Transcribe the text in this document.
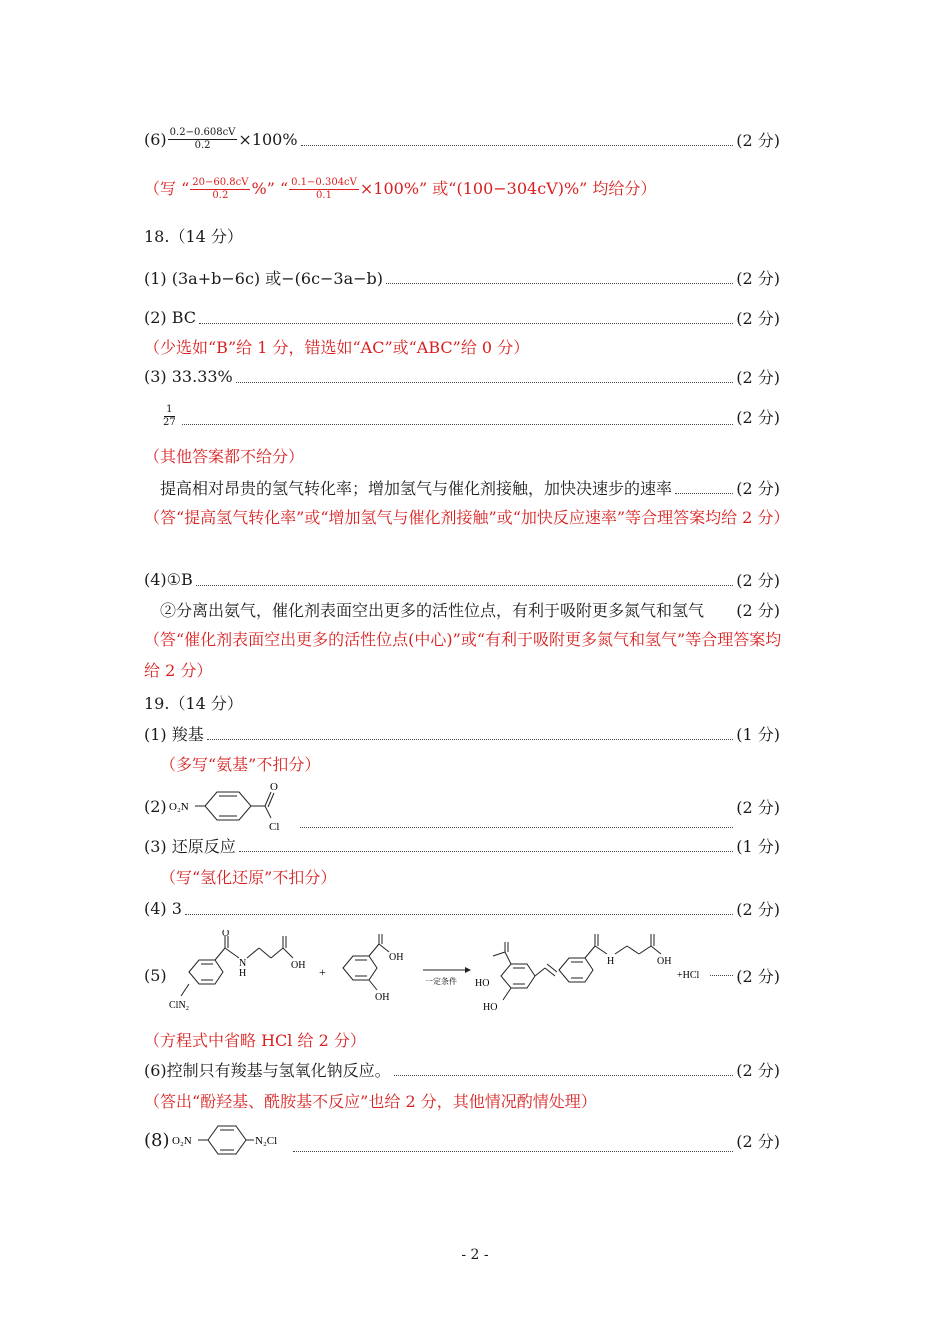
$(6) \frac{0.2-0.608cV}{0.2} \times 100\%$	(2 分)
（写 “ $\frac{20-60.8cV}{0.2}$ %” “ $\frac{0.1-0.304cV}{0.1} \times 100\%$” 或“(100−304cV)%” 均给分）
18.（14 分）
(1) (3a+b−6c) 或−(6c−3a−b)	(2 分)
(2) BC	(2 分)
（少选如“B”给 1 分，错选如“AC”或“ABC”给 0 分）
(3) 33.33%	(2 分)
$\frac{1}{27}$	(2 分)
（其他答案都不给分）
提高相对昂贵的氢气转化率；增加氢气与催化剂接触，加快决速步的速率	(2 分)
（答“提高氢气转化率”或“增加氢气与催化剂接触”或“加快反应速率”等合理答案均给 2 分）
(4)①B	(2 分)
②分离出氨气，催化剂表面空出更多的活性位点，有利于吸附更多氮气和氢气 (2 分)
（答“催化剂表面空出更多的活性位点(中心)”或“有利于吸附更多氮气和氢气”等合理答案均给 2 分）
19.（14 分）
(1) 羧基	(1 分)
（多写“氨基”不扣分）
(2) O₂N
O
Cl
(2 分)
(3) 还原反应	(1 分)
（写“氢化还原”不扣分）
(4) 3	(2 分)
(5)
ClN₂
O
N
H
OH +
OH
OH
一定条件 HO
HO
H	OH
+HCl (2 分)
（方程式中省略 HCl 给 2 分）
(6)控制只有羧基与氢氧化钠反应。	(2 分)
（答出“酚羟基、酰胺基不反应”也给 2 分，其他情况酌情处理）
(8) O₂N	N₂Cl	(2 分)
- 2 -
